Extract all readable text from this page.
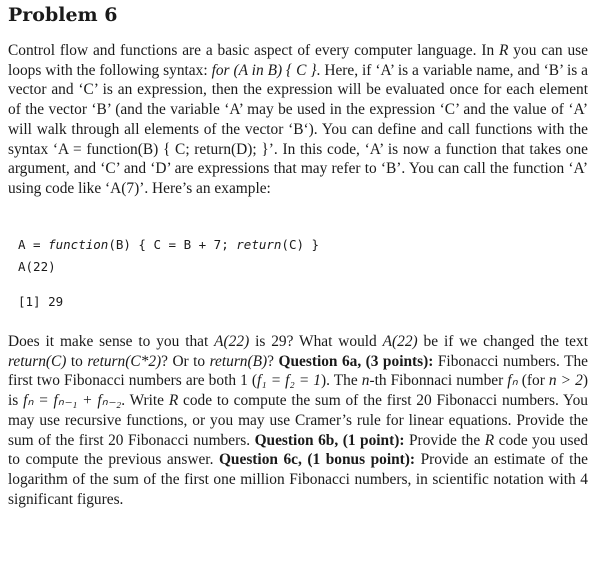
Problem 6

Control flow and functions are a basic aspect of every computer language. In R you can use loops with the following syntax: for (A in B) { C }. Here, if ‘A’ is a variable name, and ‘B’ is a vector and ‘C’ is an expression, then the expression will be evaluated once for each element of the vector ‘B’ (and the variable ‘A’ may be used in the expression ‘C’ and the value of ‘A’ will walk through all elements of the vector ‘B‘). You can define and call functions with the syntax ‘A = function(B) { C; return(D); }’. In this code, ‘A’ is now a function that takes one argument, and ‘C’ and ‘D’ are expressions that may refer to ‘B’. You can call the function ‘A’ using code like ‘A(7)’. Here’s an example:

A = function(B) { C = B + 7; return(C) }
A(22)
[1] 29

Does it make sense to you that A(22) is 29? What would A(22) be if we changed the text return(C) to return(C*2)? Or to return(B)? Question 6a, (3 points): Fibonacci numbers. The first two Fibonacci numbers are both 1 (f₁ = f₂ = 1). The n-th Fibonnaci number fₙ (for n > 2) is fₙ = fₙ₋₁ + fₙ₋₂. Write R code to compute the sum of the first 20 Fibonacci numbers. You may use recursive functions, or you may use Cramer’s rule for linear equations. Provide the sum of the first 20 Fibonacci numbers. Question 6b, (1 point): Provide the R code you used to compute the previous answer. Question 6c, (1 bonus point): Provide an estimate of the logarithm of the sum of the first one million Fibonacci numbers, in scientific notation with 4 significant figures.
